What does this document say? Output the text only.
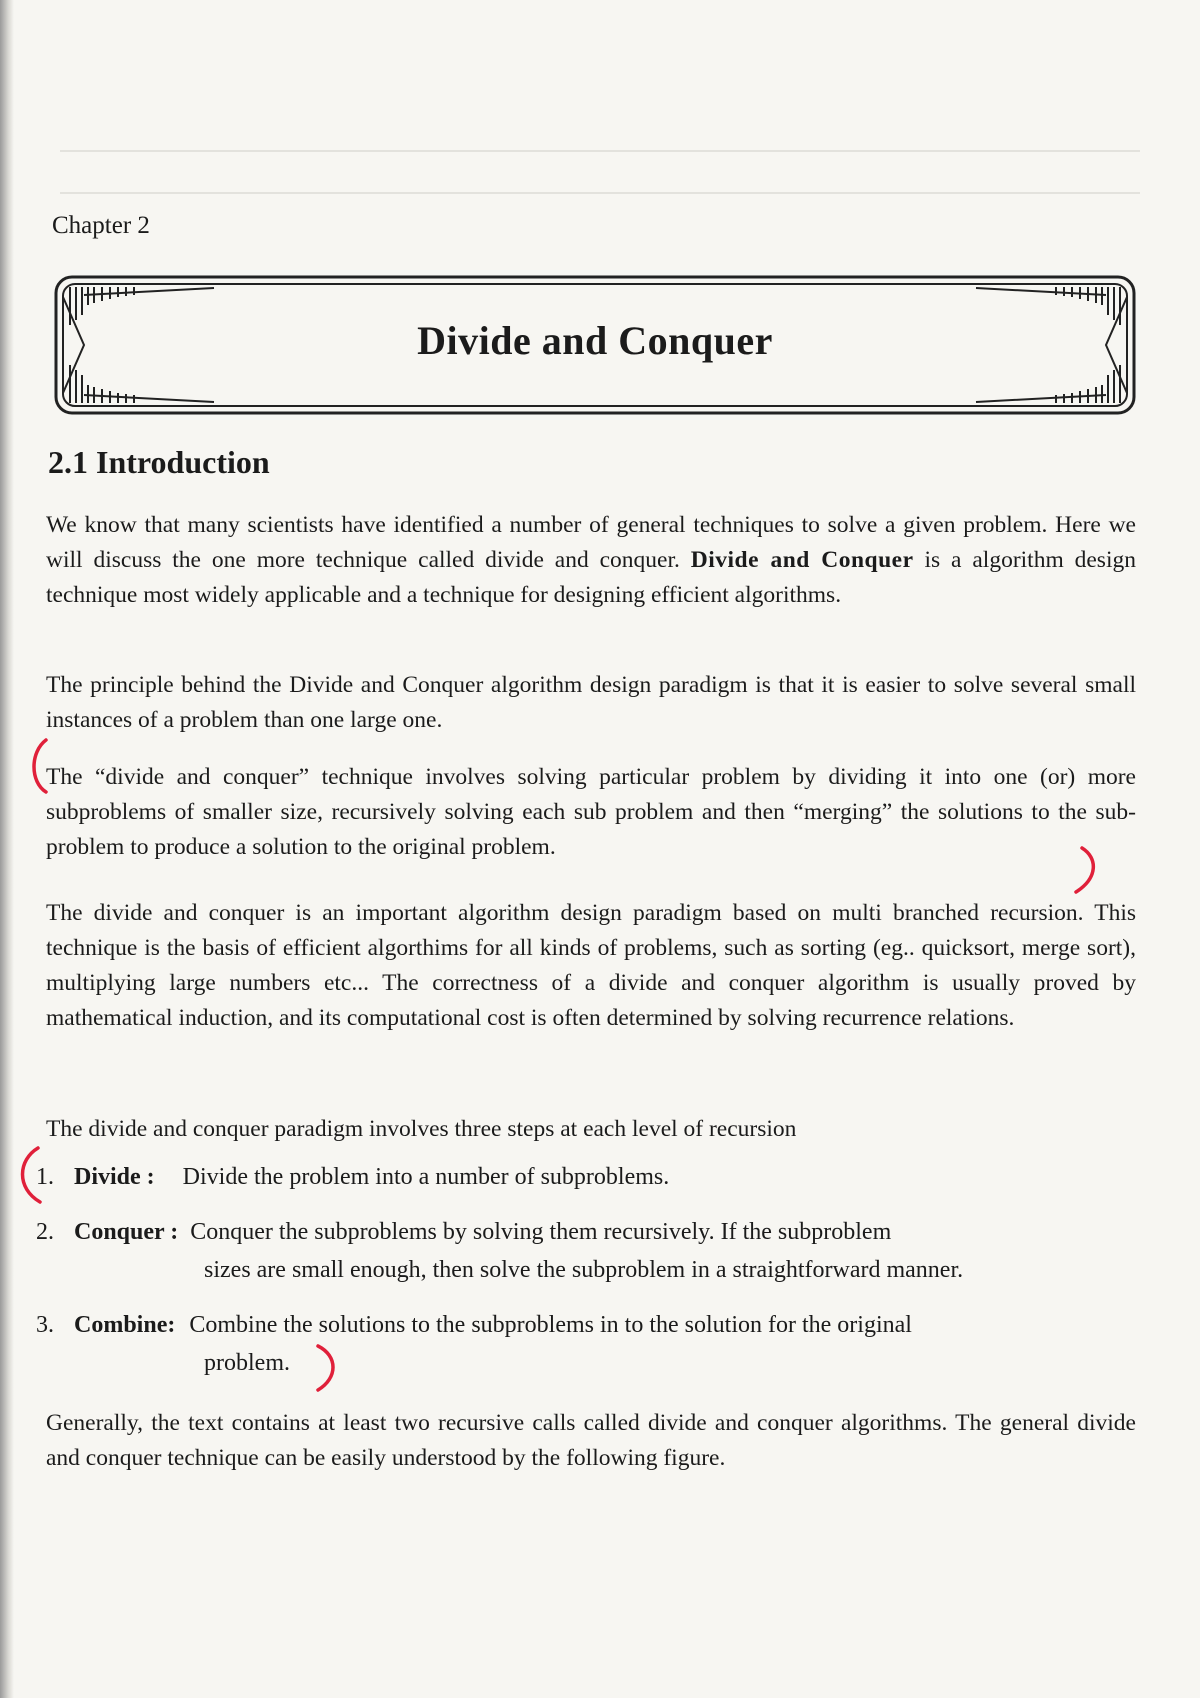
Chapter 2
Divide and Conquer
2.1 Introduction
We know that many scientists have identified a number of general techniques to solve a given problem. Here we will discuss the one more technique called divide and conquer. Divide and Conquer is a algorithm design technique most widely applicable and a technique for designing efficient algorithms.
The principle behind the Divide and Conquer algorithm design paradigm is that it is easier to solve several small instances of a problem than one large one.
The “divide and conquer” technique involves solving particular problem by dividing it into one (or) more subproblems of smaller size, recursively solving each sub problem and then “merging” the solutions to the sub-problem to produce a solution to the original problem.
The divide and conquer is an important algorithm design paradigm based on multi branched recursion. This technique is the basis of efficient algorthims for all kinds of problems, such as sorting (eg.. quicksort, merge sort), multiplying large numbers etc... The correctness of a divide and conquer algorithm is usually proved by mathematical induction, and its computational cost is often determined by solving recurrence relations.
The divide and conquer paradigm involves three steps at each level of recursion
1. Divide : Divide the problem into a number of subproblems.
2. Conquer : Conquer the subproblems by solving them recursively. If the subproblem
sizes are small enough, then solve the subproblem in a straightforward manner.
3. Combine: Combine the solutions to the subproblems in to the solution for the original
problem.
Generally, the text contains at least two recursive calls called divide and conquer algorithms. The general divide and conquer technique can be easily understood by the following figure.
